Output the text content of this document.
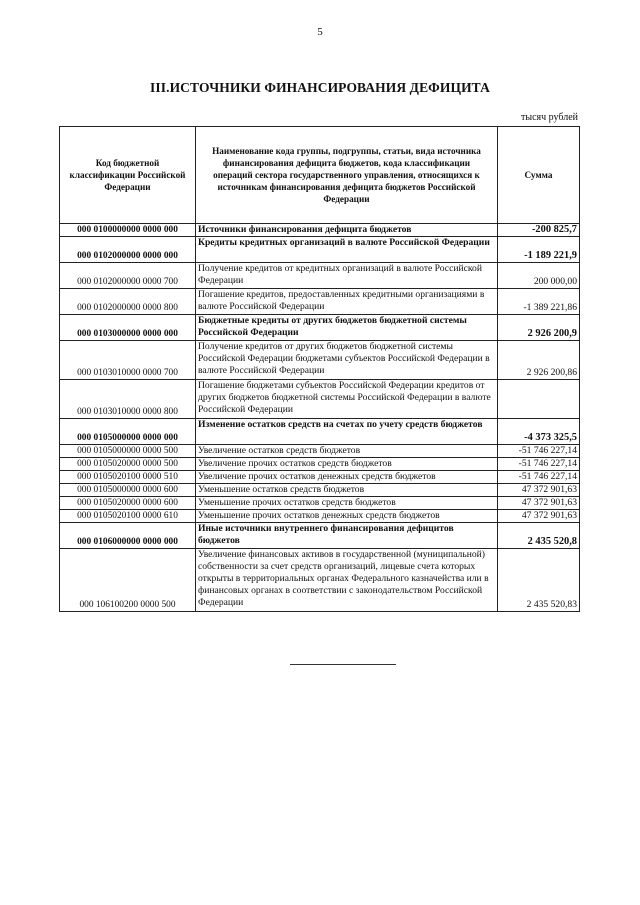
5
III.ИСТОЧНИКИ ФИНАНСИРОВАНИЯ ДЕФИЦИТА
тысяч рублей
Код бюджетной классификации Российской Федерации	Наименование кода группы, подгруппы, статьи, вида источника финансирования дефицита бюджетов, кода классификации операций сектора государственного управления, относящихся к источникам финансирования дефицита бюджетов Российской Федерации	Сумма
000 0100000000 0000 000	Источники финансирования дефицита бюджетов	-200 825,7
000 0102000000 0000 000	Кредиты кредитных организаций в валюте Российской Федерации	-1 189 221,9
000 0102000000 0000 700	Получение кредитов от кредитных организаций в валюте Российской Федерации	200 000,00
000 0102000000 0000 800	Погашение кредитов, предоставленных кредитными организациями в валюте Российской Федерации	-1 389 221,86
000 0103000000 0000 000	Бюджетные кредиты от других бюджетов бюджетной системы Российской Федерации	2 926 200,9
000 0103010000 0000 700	Получение кредитов от других бюджетов бюджетной системы Российской Федерации бюджетами субъектов Российской Федерации в валюте Российской Федерации	2 926 200,86
000 0103010000 0000 800	Погашение бюджетами субъектов Российской Федерации кредитов от других бюджетов бюджетной системы Российской Федерации в валюте Российской Федерации	
000 0105000000 0000 000	Изменение остатков средств на счетах по учету средств бюджетов	-4 373 325,5
000 0105000000 0000 500	Увеличение остатков средств бюджетов	-51 746 227,14
000 0105020000 0000 500	Увеличение прочих остатков средств бюджетов	-51 746 227,14
000 0105020100 0000 510	Увеличение прочих остатков денежных средств бюджетов	-51 746 227,14
000 0105000000 0000 600	Уменьшение остатков средств бюджетов	47 372 901,63
000 0105020000 0000 600	Уменьшение прочих остатков средств бюджетов	47 372 901,63
000 0105020100 0000 610	Уменьшение прочих остатков денежных средств бюджетов	47 372 901,63
000 0106000000 0000 000	Иные источники внутреннего финансирования дефицитов бюджетов	2 435 520,8
000 106100200 0000 500	Увеличение финансовых активов в государственной (муниципальной) собственности за счет средств организаций, лицевые счета которых открыты в территориальных органах Федерального казначейства или в финансовых органах в соответствии с законодательством Российской Федерации	2 435 520,83
